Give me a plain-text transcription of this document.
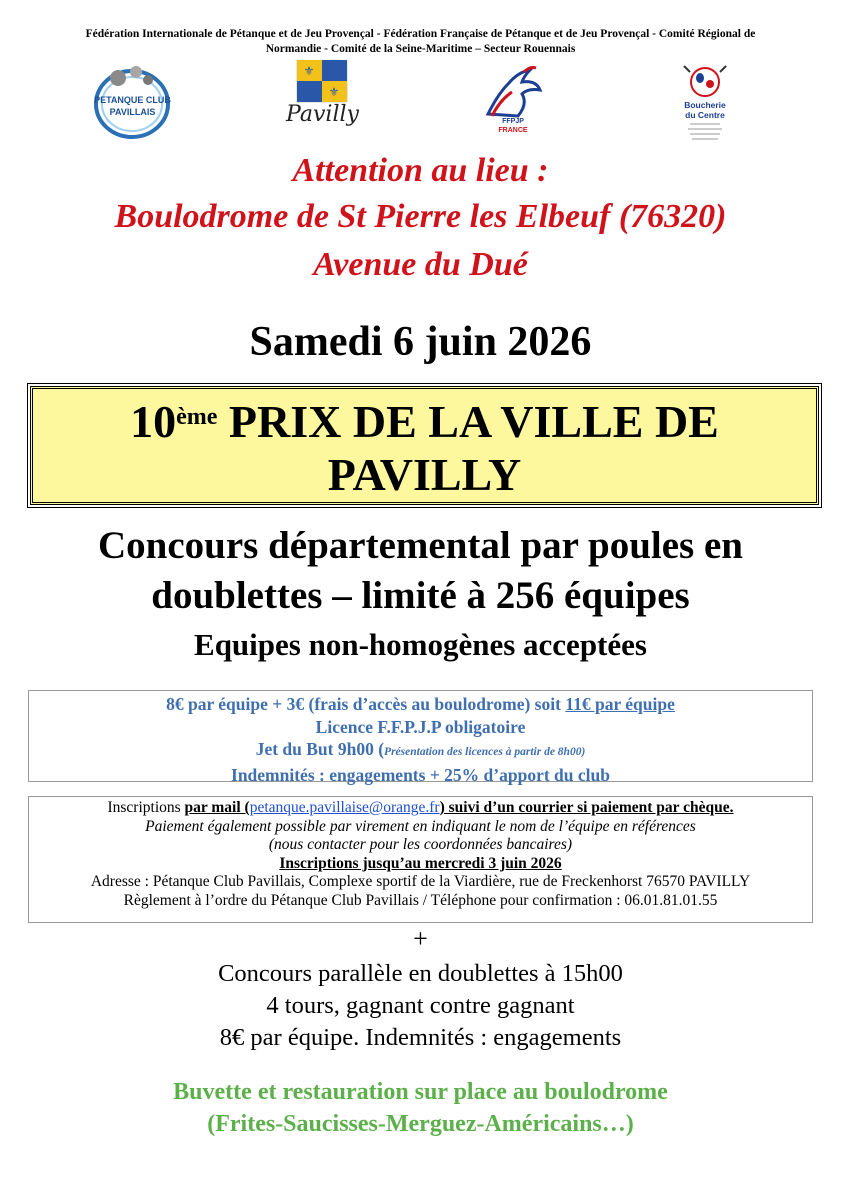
Fédération Internationale de Pétanque et de Jeu Provençal - Fédération Française de Pétanque et de Jeu Provençal - Comité Régional de
Normandie - Comité de la Seine-Maritime – Secteur Rouennais
PETANQUE CLUB
PAVILLAIS
⚜
⚜
Pavilly	FFPJP
FRANCE
Boucherie
du Centre
Attention au lieu :
Boulodrome de St Pierre les Elbeuf (76320)
Avenue du Dué
Samedi 6 juin 2026
10ème PRIX DE LA VILLE DE
PAVILLY
Concours départemental par poules en
doublettes – limité à 256 équipes
Equipes non-homogènes acceptées
8€ par équipe + 3€ (frais d’accès au boulodrome) soit 11€ par équipe
Licence F.F.P.J.P obligatoire
Jet du But 9h00 (Présentation des licences à partir de 8h00)
Indemnités : engagements + 25% d’apport du club
Inscriptions par mail (petanque.pavillaise@orange.fr) suivi d’un courrier si paiement par chèque.
Paiement également possible par virement en indiquant le nom de l’équipe en références
(nous contacter pour les coordonnées bancaires)
Inscriptions jusqu’au mercredi 3 juin 2026
Adresse : Pétanque Club Pavillais, Complexe sportif de la Viardière, rue de Freckenhorst 76570 PAVILLY
Règlement à l’ordre du Pétanque Club Pavillais / Téléphone pour confirmation : 06.01.81.01.55
+
Concours parallèle en doublettes à 15h00
4 tours, gagnant contre gagnant
8€ par équipe. Indemnités : engagements
Buvette et restauration sur place au boulodrome
(Frites-Saucisses-Merguez-Américains…)
